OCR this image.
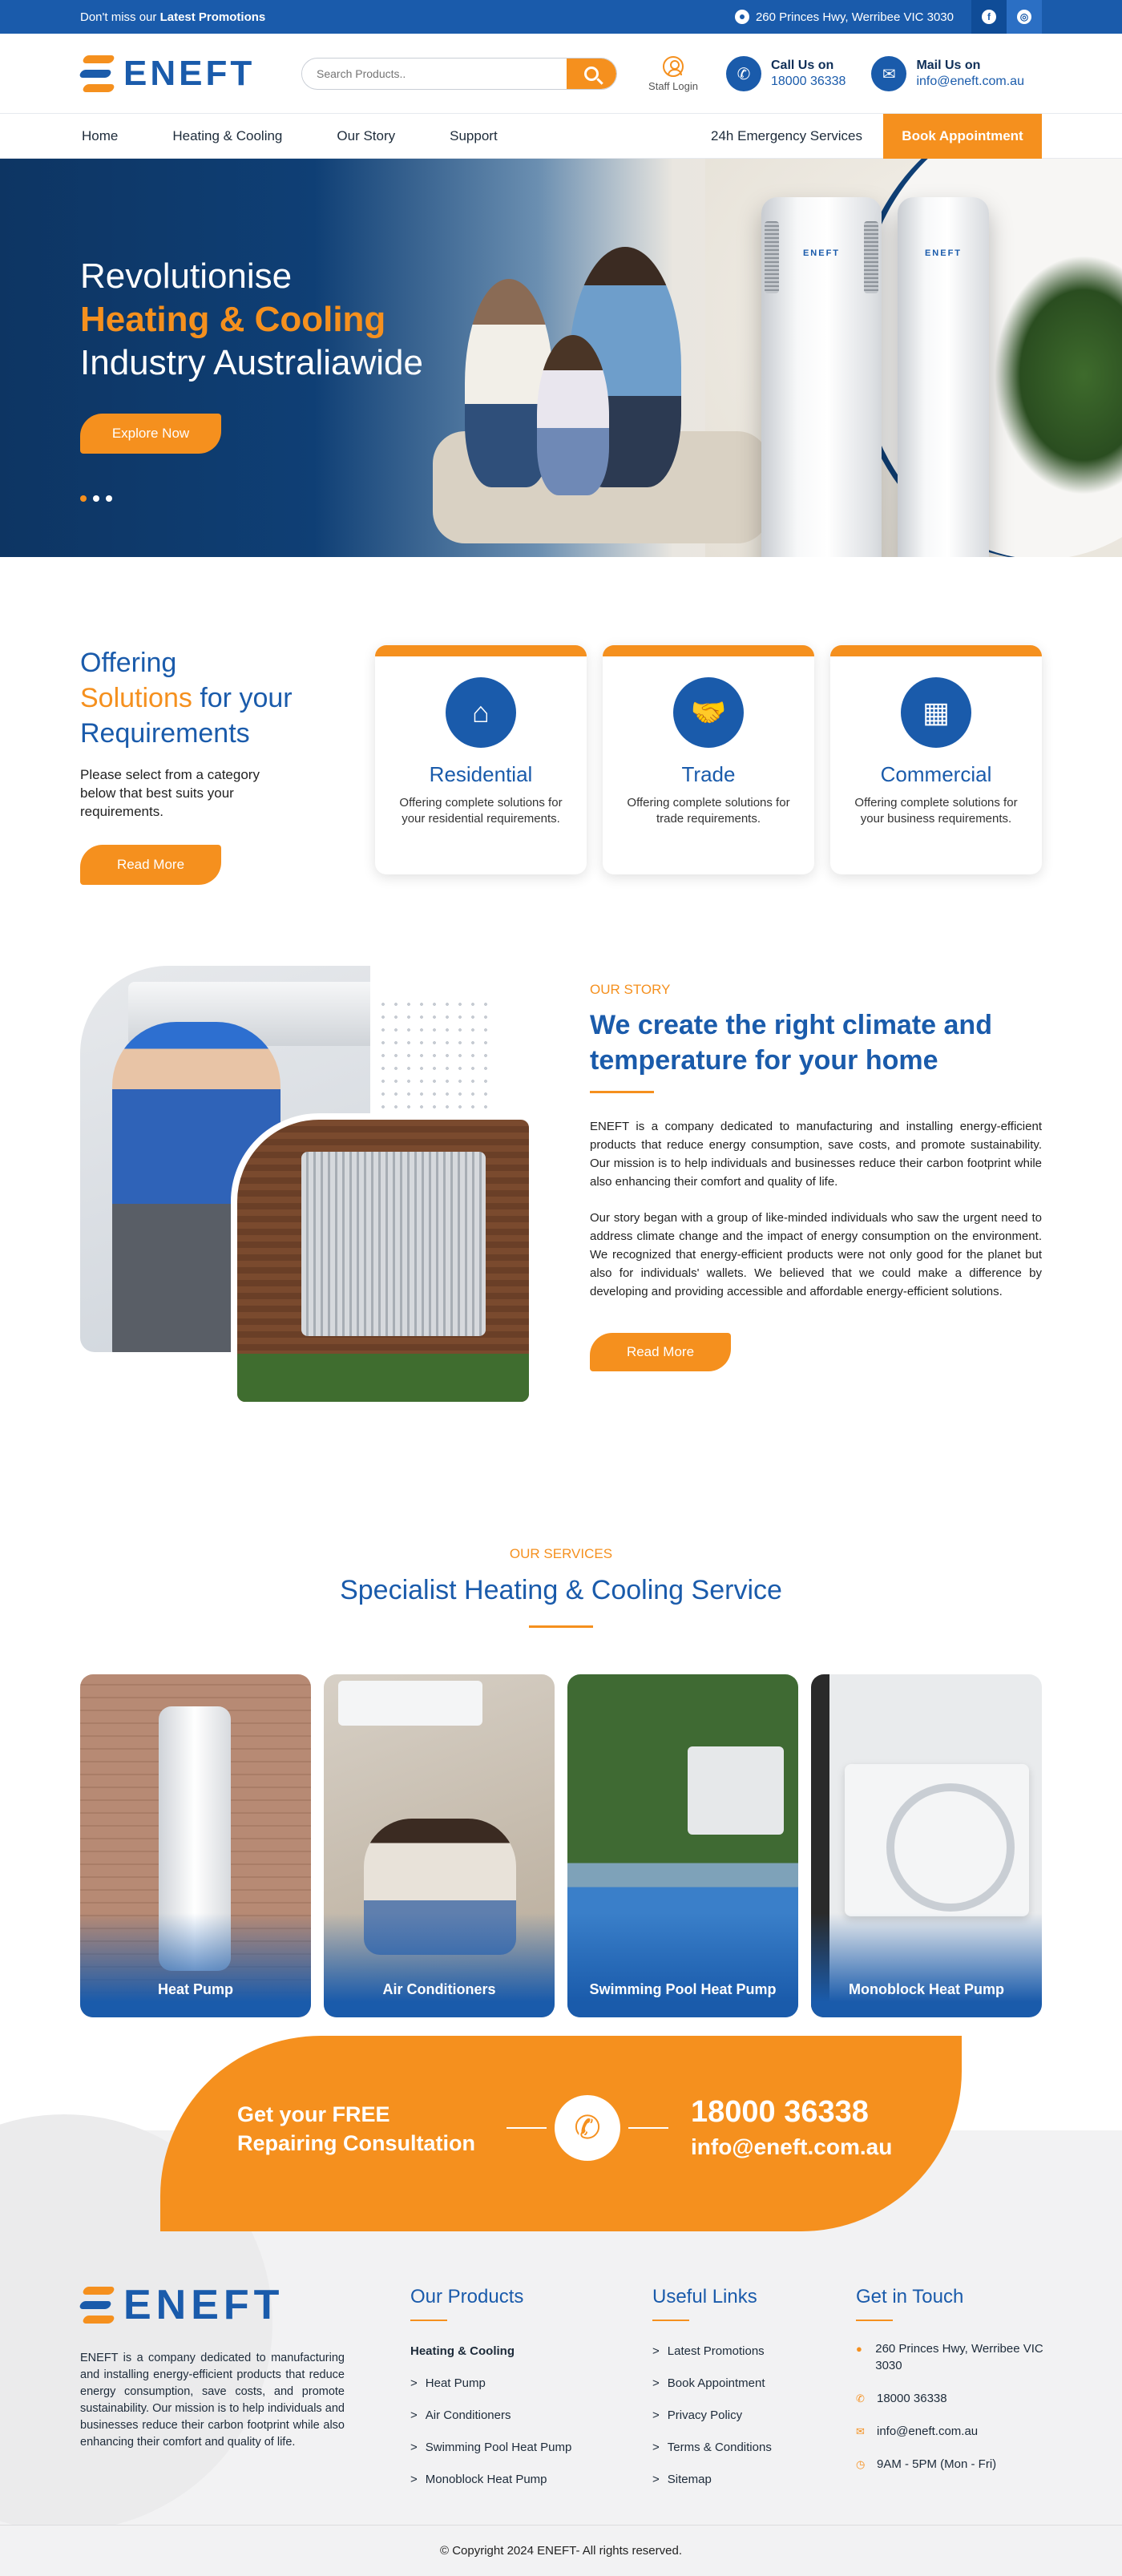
Don't miss our Latest Promotions	260 Princes Hwy, Werribee VIC 3030	f	◎
ENEFT
Search Products..	Staff Login
✆	Call Us on
18000 36338	✉	Mail Us on
info@eneft.com.au
Home	Heating & Cooling	Our Story	Support	24h Emergency Services	Book Appointment
ENEFT	ENEFT
Revolutionise
Heating & Cooling
Industry Australiawide
Explore Now
Offering
Solutions for your
Requirements

Please select from a category below that best suits your requirements.

Read More
⌂
Residential

Offering complete solutions for your residential requirements.

🤝
Trade

Offering complete solutions for trade requirements.

▦
Commercial

Offering complete solutions for your business requirements.

OUR STORY
We create the right climate and temperature for your home

ENEFT is a company dedicated to manufacturing and installing energy-efficient products that reduce energy consumption, save costs, and promote sustainability. Our mission is to help individuals and businesses reduce their carbon footprint while also enhancing their comfort and quality of life.

Our story began with a group of like-minded individuals who saw the urgent need to address climate change and the impact of energy consumption on the environment. We recognized that energy-efficient products were not only good for the planet but also for individuals' wallets. We believed that we could make a difference by developing and providing accessible and affordable energy-efficient solutions.

Read More
OUR SERVICES
Specialist Heating & Cooling Service
Heat Pump	Air Conditioners	Swimming Pool Heat Pump	Monoblock Heat Pump
Get your FREE
Repairing Consultation	✆	18000 36338
info@eneft.com.au
ENEFT

ENEFT is a company dedicated to manufacturing and installing energy-efficient products that reduce energy consumption, save costs, and promote sustainability. Our mission is to help individuals and businesses reduce their carbon footprint while also enhancing their comfort and quality of life.

Our Products
Heating & Cooling
> Heat Pump
> Air Conditioners
> Swimming Pool Heat Pump
> Monoblock Heat Pump
Useful Links
> Latest Promotions
> Book Appointment
> Privacy Policy
> Terms & Conditions
> Sitemap
Get in Touch
● 260 Princes Hwy, Werribee VIC 3030
✆ 18000 36338
✉ info@eneft.com.au
◷ 9AM - 5PM (Mon - Fri)
© Copyright 2024 ENEFT- All rights reserved.
